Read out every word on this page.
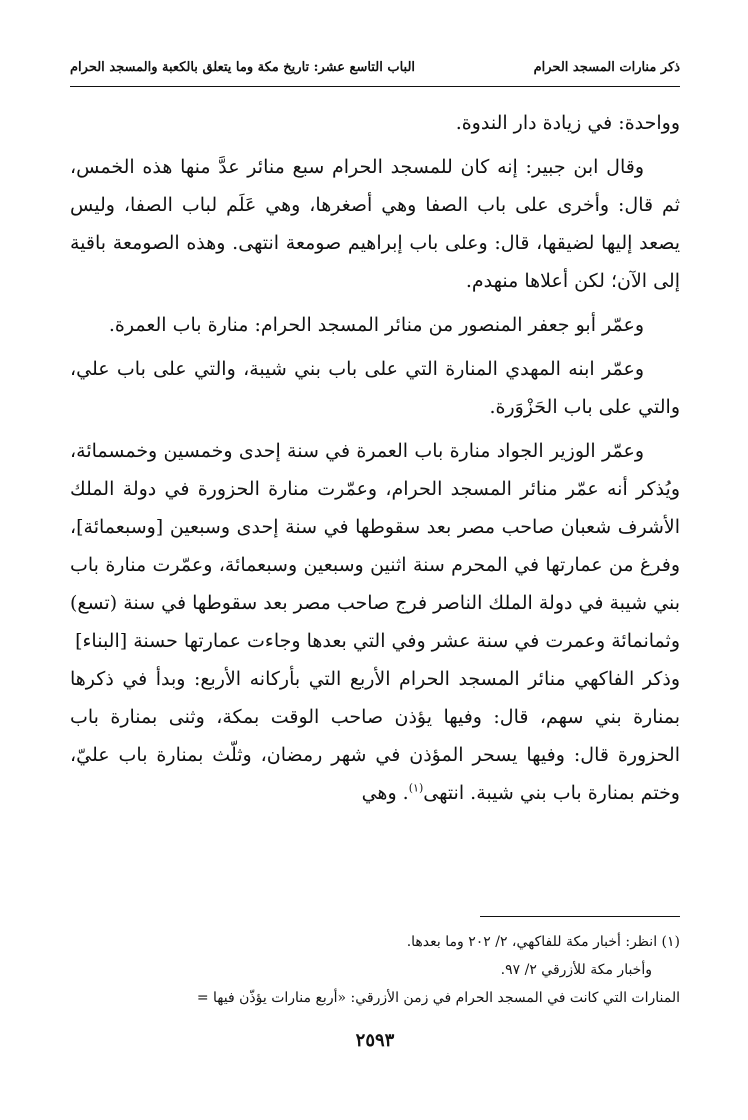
ذكر منارات المسجد الحرام
الباب التاسع عشر: تاريخ مكة وما يتعلق بالكعبة والمسجد الحرام

وواحدة: في زيادة دار الندوة.

وقال ابن جبير: إنه كان للمسجد الحرام سبع منائر عدَّ منها هذه الخمس، ثم قال: وأخرى على باب الصفا وهي أصغرها، وهي عَلَم لباب الصفا، وليس يصعد إليها لضيقها، قال: وعلى باب إبراهيم صومعة انتهى. وهذه الصومعة باقية إلى الآن؛ لكن أعلاها منهدم.

وعمّر أبو جعفر المنصور من منائر المسجد الحرام: منارة باب العمرة.

وعمّر ابنه المهدي المنارة التي على باب بني شيبة، والتي على باب علي، والتي على باب الحَزْوَرة.

وعمّر الوزير الجواد منارة باب العمرة في سنة إحدى وخمسين وخمسمائة، ويُذكر أنه عمّر منائر المسجد الحرام، وعمّرت منارة الحزورة في دولة الملك الأشرف شعبان صاحب مصر بعد سقوطها في سنة إحدى وسبعين [وسبعمائة]، وفرغ من عمارتها في المحرم سنة اثنين وسبعين وسبعمائة، وعمّرت منارة باب بني شيبة في دولة الملك الناصر فرج صاحب مصر بعد سقوطها في سنة (تسع) وثمانمائة وعمرت في سنة عشر وفي التي بعدها وجاءت عمارتها حسنة [البناء]
وذكر الفاكهي منائر المسجد الحرام الأربع التي بأركانه الأربع: وبدأ في ذكرها بمنارة بني سهم، قال: وفيها يؤذن صاحب الوقت بمكة، وثنى بمنارة باب الحزورة قال: وفيها يسحر المؤذن في شهر رمضان، وثلّث بمنارة باب عليّ، وختم بمنارة باب بني شيبة. انتهى$^{(١)}$. وهي

(١) انظر: أخبار مكة للفاكهي، ٢/ ٢٠٢ وما بعدها.
وأخبار مكة للأزرقي ٢/ ٩٧.
المنارات التي كانت في المسجد الحرام في زمن الأزرقي: «أربع منارات يؤذّن فيها =
٢٥٩٣
